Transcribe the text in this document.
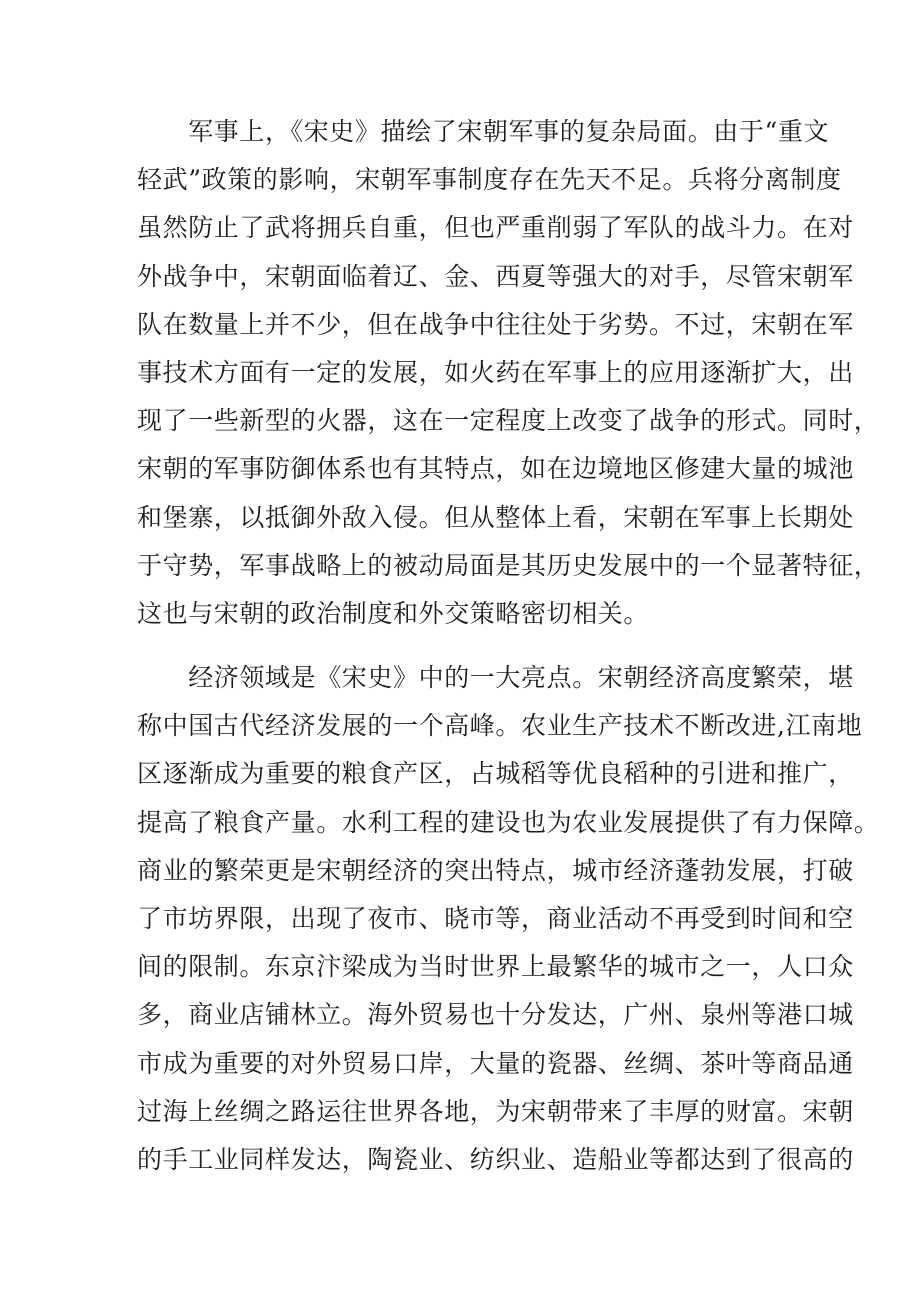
　　军事上，《宋史》描绘了宋朝军事的复杂局面。由于“重文
轻武”政策的影响，宋朝军事制度存在先天不足。兵将分离制度
虽然防止了武将拥兵自重，但也严重削弱了军队的战斗力。在对
外战争中，宋朝面临着辽、金、西夏等强大的对手，尽管宋朝军
队在数量上并不少，但在战争中往往处于劣势。不过，宋朝在军
事技术方面有一定的发展，如火药在军事上的应用逐渐扩大，出
现了一些新型的火器，这在一定程度上改变了战争的形式。同时，
宋朝的军事防御体系也有其特点，如在边境地区修建大量的城池
和堡寨，以抵御外敌入侵。但从整体上看，宋朝在军事上长期处
于守势，军事战略上的被动局面是其历史发展中的一个显著特征，
这也与宋朝的政治制度和外交策略密切相关。
　　经济领域是《宋史》中的一大亮点。宋朝经济高度繁荣，堪
称中国古代经济发展的一个高峰。农业生产技术不断改进,江南地
区逐渐成为重要的粮食产区，占城稻等优良稻种的引进和推广，
提高了粮食产量。水利工程的建设也为农业发展提供了有力保障。
商业的繁荣更是宋朝经济的突出特点，城市经济蓬勃发展，打破
了市坊界限，出现了夜市、晓市等，商业活动不再受到时间和空
间的限制。东京汴梁成为当时世界上最繁华的城市之一，人口众
多，商业店铺林立。海外贸易也十分发达，广州、泉州等港口城
市成为重要的对外贸易口岸，大量的瓷器、丝绸、茶叶等商品通
过海上丝绸之路运往世界各地，为宋朝带来了丰厚的财富。宋朝
的手工业同样发达，陶瓷业、纺织业、造船业等都达到了很高的
